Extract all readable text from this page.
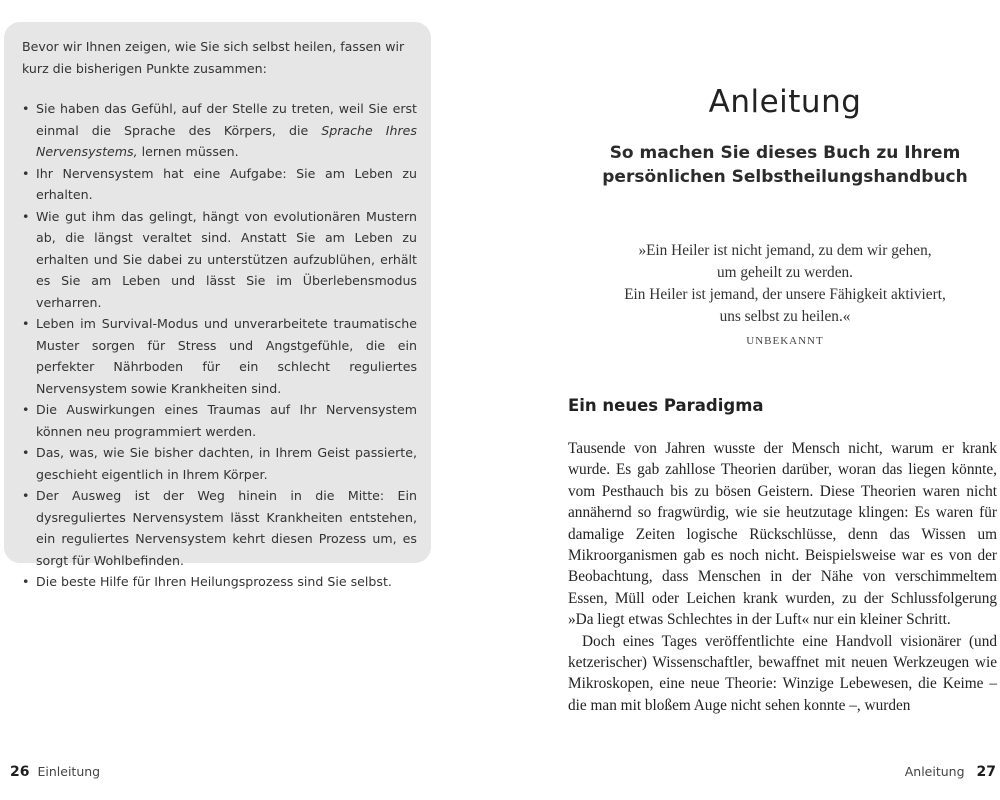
Bevor wir Ihnen zeigen, wie Sie sich selbst heilen, fassen wir kurz die bisherigen Punkte zusammen:

• Sie haben das Gefühl, auf der Stelle zu treten, weil Sie erst einmal die Sprache des Körpers, die Sprache Ihres Nervensystems, lernen müssen.
• Ihr Nervensystem hat eine Aufgabe: Sie am Leben zu erhalten.
• Wie gut ihm das gelingt, hängt von evolutionären Mustern ab, die längst veraltet sind. Anstatt Sie am Leben zu erhalten und Sie dabei zu unterstützen aufzublühen, erhält es Sie am Leben und lässt Sie im Überlebensmodus verharren.
• Leben im Survival-Modus und unverarbeitete traumatische Muster sorgen für Stress und Angstgefühle, die ein perfekter Nährboden für ein schlecht reguliertes Nervensystem sowie Krankheiten sind.
• Die Auswirkungen eines Traumas auf Ihr Nervensystem können neu programmiert werden.
• Das, was, wie Sie bisher dachten, in Ihrem Geist passierte, geschieht eigentlich in Ihrem Körper.
• Der Ausweg ist der Weg hinein in die Mitte: Ein dysreguliertes Nervensystem lässt Krankheiten entstehen, ein reguliertes Nervensystem kehrt diesen Prozess um, es sorgt für Wohlbefinden.
• Die beste Hilfe für Ihren Heilungsprozess sind Sie selbst.
26 Einleitung
Anleitung
So machen Sie dieses Buch zu Ihrem
persönlichen Selbstheilungshandbuch
»Ein Heiler ist nicht jemand, zu dem wir gehen,
um geheilt zu werden.
Ein Heiler ist jemand, der unsere Fähigkeit aktiviert,
uns selbst zu heilen.«
UNBEKANNT
Ein neues Paradigma

Tausende von Jahren wusste der Mensch nicht, warum er krank wurde. Es gab zahllose Theorien darüber, woran das liegen könnte, vom Pesthauch bis zu bösen Geistern. Diese Theorien waren nicht annähernd so fragwürdig, wie sie heutzutage klingen: Es waren für damalige Zeiten logische Rückschlüsse, denn das Wissen um Mikroorganismen gab es noch nicht. Beispielsweise war es von der Beobachtung, dass Menschen in der Nähe von verschimmeltem Essen, Müll oder Leichen krank wurden, zu der Schlussfolgerung »Da liegt etwas Schlechtes in der Luft« nur ein kleiner Schritt.

Doch eines Tages veröffentlichte eine Handvoll visionärer (und ketzerischer) Wissenschaftler, bewaffnet mit neuen Werkzeugen wie Mikroskopen, eine neue Theorie: Winzige Lebewesen, die Keime – die man mit bloßem Auge nicht sehen konnte –, wurden

Anleitung 27
